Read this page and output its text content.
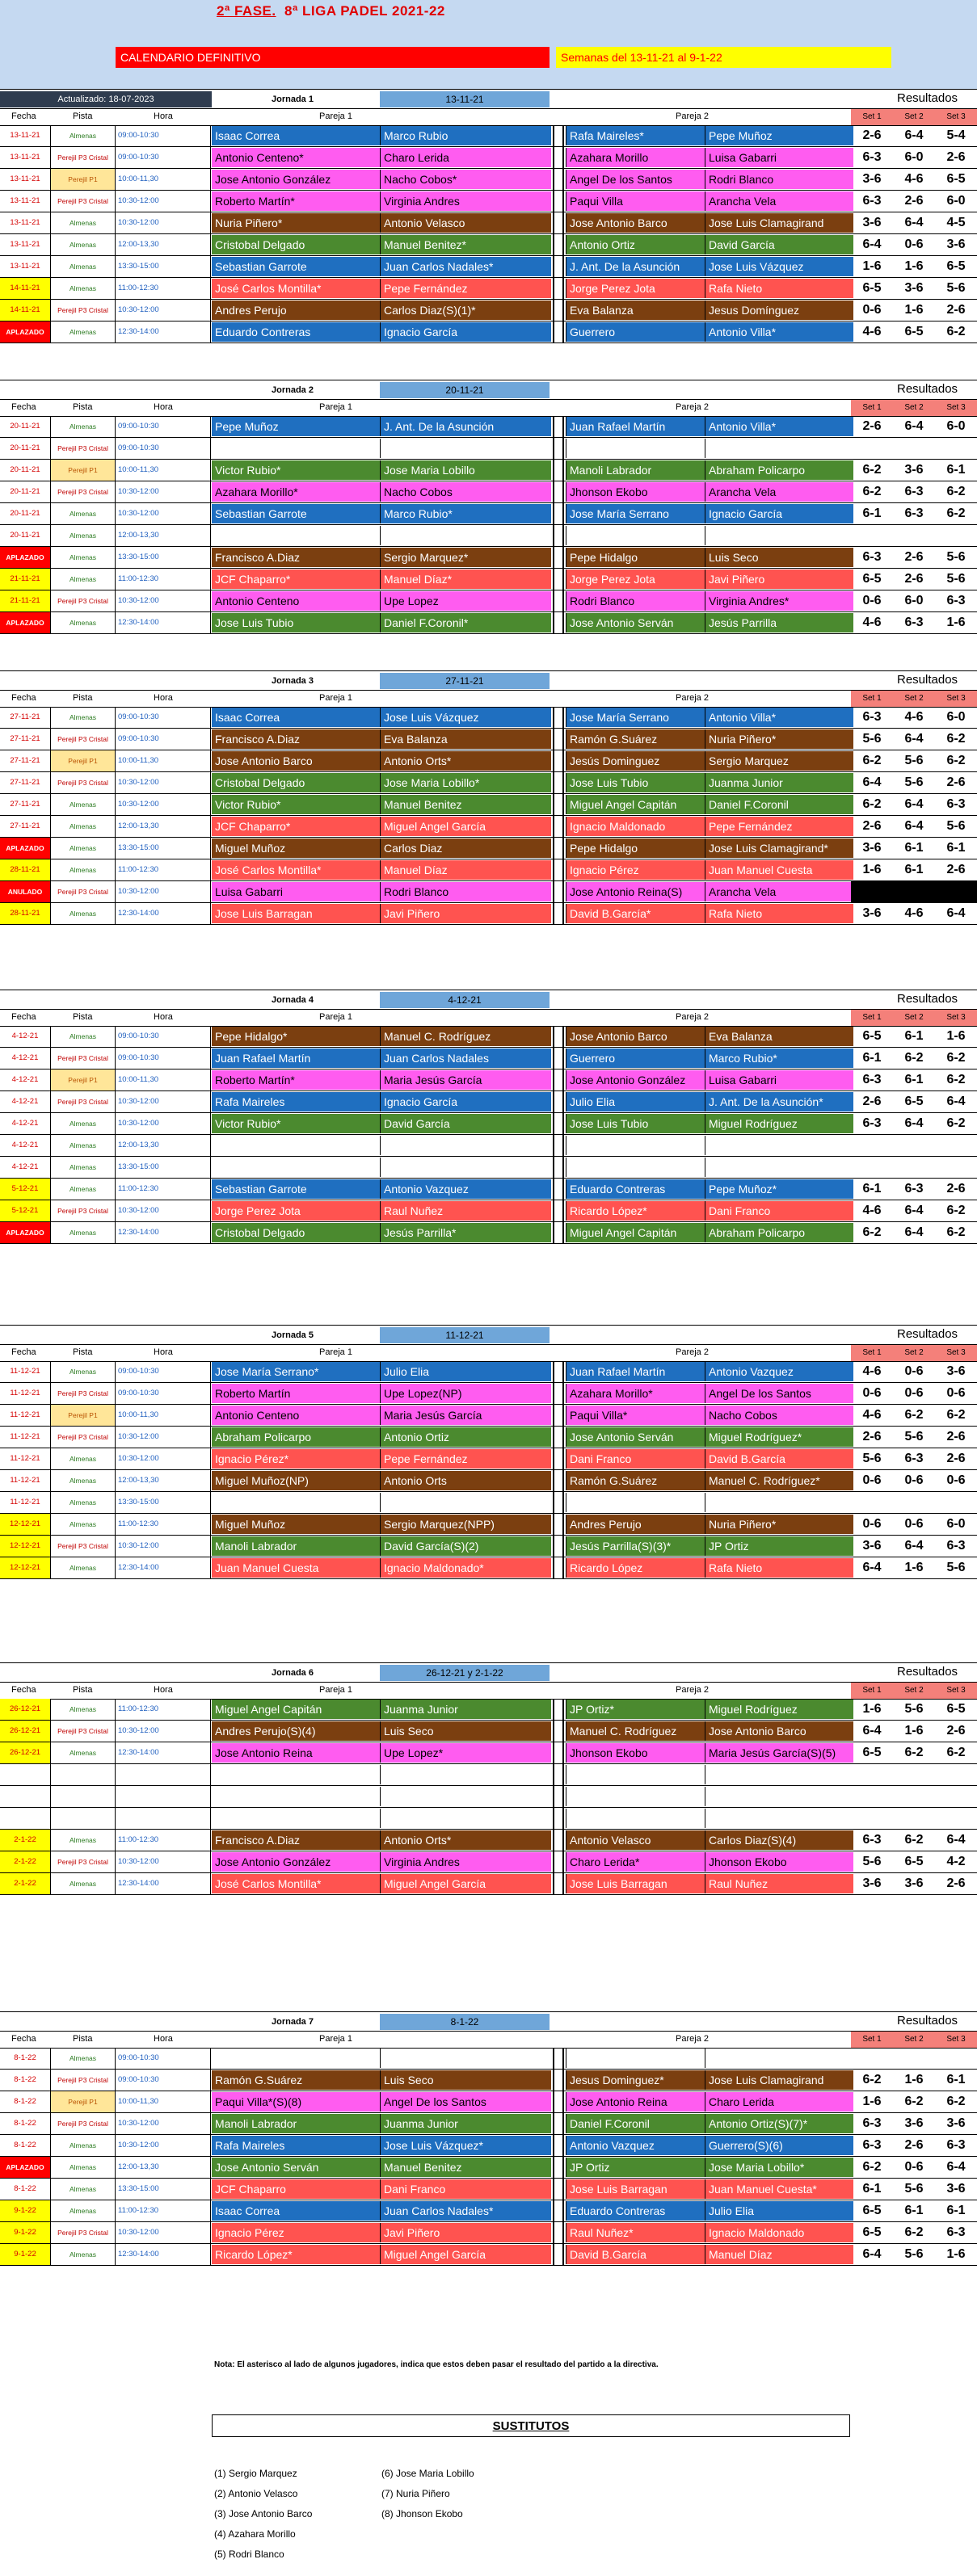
2ª FASE. 8ª LIGA PADEL 2021-22
CALENDARIO DEFINITIVO	Semanas del 13-11-21 al 9-1-22
Actualizado: 18-07-2023	Jornada 1	13-11-21	Resultados
Fecha	Pista	Hora	Pareja 1	Pareja 2	Set 1	Set 2	Set 3
13-11-21	Almenas	09:00-10:30	Isaac Correa	Marco Rubio	Rafa Maireles*	Pepe Muñoz	2-6	6-4	5-4
13-11-21	Perejil P3 Cristal	09:00-10:30	Antonio Centeno*	Charo Lerida	Azahara Morillo	Luisa Gabarri	6-3	6-0	2-6
13-11-21	Perejil P1	10:00-11,30	Jose Antonio González	Nacho Cobos*	Angel De los Santos	Rodri Blanco	3-6	4-6	6-5
13-11-21	Perejil P3 Cristal	10:30-12:00	Roberto Martín*	Virginia Andres	Paqui Villa	Arancha Vela	6-3	2-6	6-0
13-11-21	Almenas	10:30-12:00	Nuria Piñero*	Antonio Velasco	Jose Antonio Barco	Jose Luis Clamagirand	3-6	6-4	4-5
13-11-21	Almenas	12:00-13,30	Cristobal Delgado	Manuel Benitez*	Antonio Ortiz	David García	6-4	0-6	3-6
13-11-21	Almenas	13:30-15:00	Sebastian Garrote	Juan Carlos Nadales*	J. Ant. De la Asunción	Jose Luis Vázquez	1-6	1-6	6-5
14-11-21	Almenas	11:00-12:30	José Carlos Montilla*	Pepe Fernández	Jorge Perez Jota	Rafa Nieto	6-5	3-6	5-6
14-11-21	Perejil P3 Cristal	10:30-12:00	Andres Perujo	Carlos Diaz(S)(1)*	Eva Balanza	Jesus Domínguez	0-6	1-6	2-6
APLAZADO	Almenas	12:30-14:00	Eduardo Contreras	Ignacio García	Guerrero	Antonio Villa*	4-6	6-5	6-2
Jornada 2	20-11-21	Resultados
Fecha	Pista	Hora	Pareja 1	Pareja 2	Set 1	Set 2	Set 3
20-11-21	Almenas	09:00-10:30	Pepe Muñoz	J. Ant. De la Asunción	Juan Rafael Martín	Antonio Villa*	2-6	6-4	6-0
20-11-21	Perejil P3 Cristal	09:00-10:30
20-11-21	Perejil P1	10:00-11,30	Victor Rubio*	Jose Maria Lobillo	Manoli Labrador	Abraham Policarpo	6-2	3-6	6-1
20-11-21	Perejil P3 Cristal	10:30-12:00	Azahara Morillo*	Nacho Cobos	Jhonson Ekobo	Arancha Vela	6-2	6-3	6-2
20-11-21	Almenas	10:30-12:00	Sebastian Garrote	Marco Rubio*	Jose María Serrano	Ignacio García	6-1	6-3	6-2
20-11-21	Almenas	12:00-13,30
APLAZADO	Almenas	13:30-15:00	Francisco A.Diaz	Sergio Marquez*	Pepe Hidalgo	Luis Seco	6-3	2-6	5-6
21-11-21	Almenas	11:00-12:30	JCF Chaparro*	Manuel Díaz*	Jorge Perez Jota	Javi Piñero	6-5	2-6	5-6
21-11-21	Perejil P3 Cristal	10:30-12:00	Antonio Centeno	Upe Lopez	Rodri Blanco	Virginia Andres*	0-6	6-0	6-3
APLAZADO	Almenas	12:30-14:00	Jose Luis Tubio	Daniel F.Coronil*	Jose Antonio Serván	Jesús Parrilla	4-6	6-3	1-6
Jornada 3	27-11-21	Resultados
Fecha	Pista	Hora	Pareja 1	Pareja 2	Set 1	Set 2	Set 3
27-11-21	Almenas	09:00-10:30	Isaac Correa	Jose Luis Vázquez	Jose María Serrano	Antonio Villa*	6-3	4-6	6-0
27-11-21	Perejil P3 Cristal	09:00-10:30	Francisco A.Diaz	Eva Balanza	Ramón G.Suárez	Nuria Piñero*	5-6	6-4	6-2
27-11-21	Perejil P1	10:00-11,30	Jose Antonio Barco	Antonio Orts*	Jesús Dominguez	Sergio Marquez	6-2	5-6	6-2
27-11-21	Perejil P3 Cristal	10:30-12:00	Cristobal Delgado	Jose Maria Lobillo*	Jose Luis Tubio	Juanma Junior	6-4	5-6	2-6
27-11-21	Almenas	10:30-12:00	Victor Rubio*	Manuel Benitez	Miguel Angel Capitán	Daniel F.Coronil	6-2	6-4	6-3
27-11-21	Almenas	12:00-13,30	JCF Chaparro*	Miguel Angel García	Ignacio Maldonado	Pepe Fernández	2-6	6-4	5-6
APLAZADO	Almenas	13:30-15:00	Miguel Muñoz	Carlos Diaz	Pepe Hidalgo	Jose Luis Clamagirand*	3-6	6-1	6-1
28-11-21	Almenas	11:00-12:30	José Carlos Montilla*	Manuel Díaz	Ignacio Pérez	Juan Manuel Cuesta	1-6	6-1	2-6
ANULADO	Perejil P3 Cristal	10:30-12:00	Luisa Gabarri	Rodri Blanco	Jose Antonio Reina(S)	Arancha Vela
28-11-21	Almenas	12:30-14:00	Jose Luis Barragan	Javi Piñero	David B.García*	Rafa Nieto	3-6	4-6	6-4
Jornada 4	4-12-21	Resultados
Fecha	Pista	Hora	Pareja 1	Pareja 2	Set 1	Set 2	Set 3
4-12-21	Almenas	09:00-10:30	Pepe Hidalgo*	Manuel C. Rodríguez	Jose Antonio Barco	Eva Balanza	6-5	6-1	1-6
4-12-21	Perejil P3 Cristal	09:00-10:30	Juan Rafael Martín	Juan Carlos Nadales	Guerrero	Marco Rubio*	6-1	6-2	6-2
4-12-21	Perejil P1	10:00-11,30	Roberto Martín*	Maria Jesús García	Jose Antonio González	Luisa Gabarri	6-3	6-1	6-2
4-12-21	Perejil P3 Cristal	10:30-12:00	Rafa Maireles	Ignacio García	Julio Elia	J. Ant. De la Asunción*	2-6	6-5	6-4
4-12-21	Almenas	10:30-12:00	Victor Rubio*	David García	Jose Luis Tubio	Miguel Rodríguez	6-3	6-4	6-2
4-12-21	Almenas	12:00-13,30
4-12-21	Almenas	13:30-15:00
5-12-21	Almenas	11:00-12:30	Sebastian Garrote	Antonio Vazquez	Eduardo Contreras	Pepe Muñoz*	6-1	6-3	2-6
5-12-21	Perejil P3 Cristal	10:30-12:00	Jorge Perez Jota	Raul Nuñez	Ricardo López*	Dani Franco	4-6	6-4	6-2
APLAZADO	Almenas	12:30-14:00	Cristobal Delgado	Jesús Parrilla*	Miguel Angel Capitán	Abraham Policarpo	6-2	6-4	6-2
Jornada 5	11-12-21	Resultados
Fecha	Pista	Hora	Pareja 1	Pareja 2	Set 1	Set 2	Set 3
11-12-21	Almenas	09:00-10:30	Jose María Serrano*	Julio Elia	Juan Rafael Martín	Antonio Vazquez	4-6	0-6	3-6
11-12-21	Perejil P3 Cristal	09:00-10:30	Roberto Martín	Upe Lopez(NP)	Azahara Morillo*	Angel De los Santos	0-6	0-6	0-6
11-12-21	Perejil P1	10:00-11,30	Antonio Centeno	Maria Jesús García	Paqui Villa*	Nacho Cobos	4-6	6-2	6-2
11-12-21	Perejil P3 Cristal	10:30-12:00	Abraham Policarpo	Antonio Ortiz	Jose Antonio Serván	Miguel Rodríguez*	2-6	5-6	2-6
11-12-21	Almenas	10:30-12:00	Ignacio Pérez*	Pepe Fernández	Dani Franco	David B.García	5-6	6-3	2-6
11-12-21	Almenas	12:00-13,30	Miguel Muñoz(NP)	Antonio Orts	Ramón G.Suárez	Manuel C. Rodríguez*	0-6	0-6	0-6
11-12-21	Almenas	13:30-15:00
12-12-21	Almenas	11:00-12:30	Miguel Muñoz	Sergio Marquez(NPP)	Andres Perujo	Nuria Piñero*	0-6	0-6	6-0
12-12-21	Perejil P3 Cristal	10:30-12:00	Manoli Labrador	David García(S)(2)	Jesús Parrilla(S)(3)*	JP Ortiz	3-6	6-4	6-3
12-12-21	Almenas	12:30-14:00	Juan Manuel Cuesta	Ignacio Maldonado*	Ricardo López	Rafa Nieto	6-4	1-6	5-6
Jornada 6	26-12-21 y 2-1-22	Resultados
Fecha	Pista	Hora	Pareja 1	Pareja 2	Set 1	Set 2	Set 3
26-12-21	Almenas	11:00-12:30	Miguel Angel Capitán	Juanma Junior	JP Ortiz*	Miguel Rodríguez	1-6	5-6	6-5
26-12-21	Perejil P3 Cristal	10:30-12:00	Andres Perujo(S)(4)	Luis Seco	Manuel C. Rodríguez	Jose Antonio Barco	6-4	1-6	2-6
26-12-21	Almenas	12:30-14:00	Jose Antonio Reina	Upe Lopez*	Jhonson Ekobo	Maria Jesús García(S)(5)	6-5	6-2	6-2
2-1-22	Almenas	11:00-12:30	Francisco A.Diaz	Antonio Orts*	Antonio Velasco	Carlos Diaz(S)(4)	6-3	6-2	6-4
2-1-22	Perejil P3 Cristal	10:30-12:00	Jose Antonio González	Virginia Andres	Charo Lerida*	Jhonson Ekobo	5-6	6-5	4-2
2-1-22	Almenas	12:30-14:00	José Carlos Montilla*	Miguel Angel García	Jose Luis Barragan	Raul Nuñez	3-6	3-6	2-6
Jornada 7	8-1-22	Resultados
Fecha	Pista	Hora	Pareja 1	Pareja 2	Set 1	Set 2	Set 3
8-1-22	Almenas	09:00-10:30
8-1-22	Perejil P3 Cristal	09:00-10:30	Ramón G.Suárez	Luis Seco	Jesus Dominguez*	Jose Luis Clamagirand	6-2	1-6	6-1
8-1-22	Perejil P1	10:00-11,30	Paqui Villa*(S)(8)	Angel De los Santos	Jose Antonio Reina	Charo Lerida	1-6	6-2	6-2
8-1-22	Perejil P3 Cristal	10:30-12:00	Manoli Labrador	Juanma Junior	Daniel F.Coronil	Antonio Ortiz(S)(7)*	6-3	3-6	3-6
8-1-22	Almenas	10:30-12:00	Rafa Maireles	Jose Luis Vázquez*	Antonio Vazquez	Guerrero(S)(6)	6-3	2-6	6-3
APLAZADO	Almenas	12:00-13,30	Jose Antonio Serván	Manuel Benitez	JP Ortiz	Jose Maria Lobillo*	6-2	0-6	6-4
8-1-22	Almenas	13:30-15:00	JCF Chaparro	Dani Franco	Jose Luis Barragan	Juan Manuel Cuesta*	6-1	5-6	3-6
9-1-22	Almenas	11:00-12:30	Isaac Correa	Juan Carlos Nadales*	Eduardo Contreras	Julio Elia	6-5	6-1	6-1
9-1-22	Perejil P3 Cristal	10:30-12:00	Ignacio Pérez	Javi Piñero	Raul Nuñez*	Ignacio Maldonado	6-5	6-2	6-3
9-1-22	Almenas	12:30-14:00	Ricardo López*	Miguel Angel García	David B.García	Manuel Díaz	6-4	5-6	1-6
Nota: El asterisco al lado de algunos jugadores, indica que estos deben pasar el resultado del partido a la directiva.
SUSTITUTOS
(1) Sergio Marquez
(2) Antonio Velasco
(3) Jose Antonio Barco
(4) Azahara Morillo
(5) Rodri Blanco
(6) Jose Maria Lobillo
(7) Nuria Piñero
(8) Jhonson Ekobo
